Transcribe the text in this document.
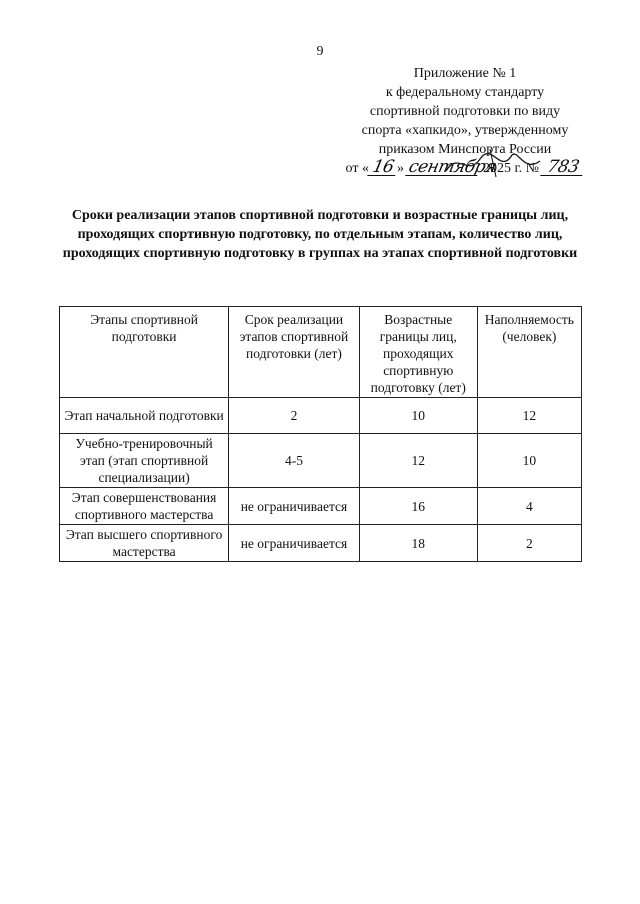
9
Приложение № 1
к федеральному стандарту
спортивной подготовки по виду
спорта «хапкидо», утвержденному
приказом Минспорта России
от «16» сентября 2025 г. № 783
Сроки реализации этапов спортивной подготовки и возрастные границы лиц, проходящих спортивную подготовку, по отдельным этапам, количество лиц, проходящих спортивную подготовку в группах на этапах спортивной подготовки
Этапы спортивной подготовки	Срок реализации этапов спортивной подготовки (лет)	Возрастные границы лиц, проходящих спортивную подготовку (лет)	Наполняемость (человек)
Этап начальной подготовки	2	10	12
Учебно-тренировочный этап (этап спортивной специализации)	4-5	12	10
Этап совершенствования спортивного мастерства	не ограничивается	16	4
Этап высшего спортивного мастерства	не ограничивается	18	2
